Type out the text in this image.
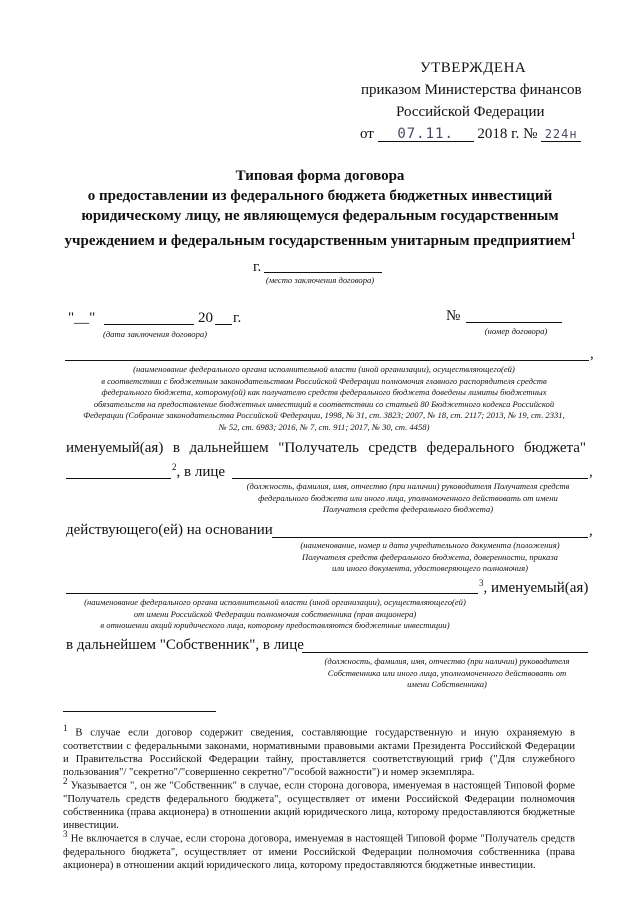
УТВЕРЖДЕНА
приказом Министерства финансов
Российской Федерации
от 07.11. 2018 г. № 224н
Типовая форма договора
о предоставлении из федерального бюджета бюджетных инвестиций
юридическому лицу, не являющемуся федеральным государственным
учреждением и федеральным государственным унитарным предприятием$^1$
г.
(место заключения договора)
"__"	20 г.
(дата заключения договора)
№
(номер договора)
,
(наименование федерального органа исполнительной власти (иной организации), осуществляющего(ей)
в соответствии с бюджетным законодательством Российской Федерации полномочия главного распорядителя средств
федерального бюджета, которому(ой) как получателю средств федерального бюджета доведены лимиты бюджетных
обязательств на предоставление бюджетных инвестиций в соответствии со статьей 80 Бюджетного кодекса Российской
Федерации (Собрание законодательства Российской Федерации, 1998, № 31, ст. 3823; 2007, № 18, ст. 2117; 2013, № 19, ст. 2331,
№ 52, ст. 6983; 2016, № 7, ст. 911; 2017, № 30, ст. 4458)
именуемый(ая) в дальнейшем "Получатель средств федерального бюджета"
$^2$, в лице	,
(должность, фамилия, имя, отчество (при наличии) руководителя Получателя средств
федерального бюджета или иного лица, уполномоченного действовать от имени
Получателя средств федерального бюджета)
действующего(ей) на основании	,
(наименование, номер и дата учредительного документа (положения)
Получателя средств федерального бюджета, доверенности, приказа
или иного документа, удостоверяющего полномочия)
$^3$, именуемый(ая)
(наименование федерального органа исполнительной власти (иной организации), осуществляющего(ей)
от имени Российской Федерации полномочия собственника (прав акционера)
в отношении акций юридического лица, которому предоставляются бюджетные инвестиции)
в дальнейшем "Собственник", в лице
(должность, фамилия, имя, отчество (при наличии) руководителя
Собственника или иного лица, уполномоченного действовать от
имени Собственника)
$^1$ В случае если договор содержит сведения, составляющие государственную и иную охраняемую в соответствии с федеральными законами, нормативными правовыми актами Президента Российской Федерации и Правительства Российской Федерации тайну, проставляется соответствующий гриф ("Для служебного пользования"/ "секретно"/"совершенно секретно"/"особой важности") и номер экземпляра.
$^2$ Указывается ", он же "Собственник" в случае, если сторона договора, именуемая в настоящей Типовой форме "Получатель средств федерального бюджета", осуществляет от имени Российской Федерации полномочия собственника (права акционера) в отношении акций юридического лица, которому предоставляются бюджетные инвестиции.
$^3$ Не включается в случае, если сторона договора, именуемая в настоящей Типовой форме "Получатель средств федерального бюджета", осуществляет от имени Российской Федерации полномочия собственника (права акционера) в отношении акций юридического лица, которому предоставляются бюджетные инвестиции.
